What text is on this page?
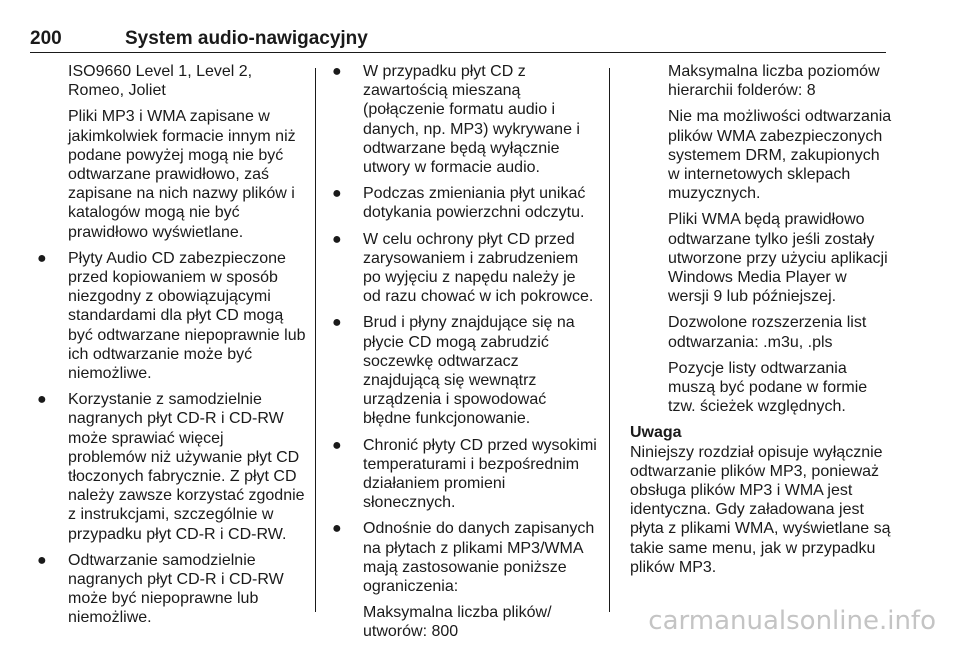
200	System audio-nawigacyjny

ISO9660 Level 1, Level 2, Romeo, Joliet

Pliki MP3 i WMA zapisane w jakimkolwiek formacie innym niż podane powyżej mogą nie być odtwarzane prawidłowo, zaś zapisane na nich nazwy plików i katalogów mogą nie być prawidłowo wyświetlane.

● Płyty Audio CD zabezpieczone przed kopiowaniem w sposób niezgodny z obowiązującymi standardami dla płyt CD mogą być odtwarzane niepoprawnie lub ich odtwarzanie może być niemożliwe.

● Korzystanie z samodzielnie nagranych płyt CD-R i CD-RW może sprawiać więcej problemów niż używanie płyt CD tłoczonych fabrycznie. Z płyt CD należy zawsze korzystać zgodnie z instrukcjami, szczególnie w przypadku płyt CD-R i CD-RW.

● Odtwarzanie samodzielnie nagranych płyt CD-R i CD-RW może być niepoprawne lub niemożliwe.

● W przypadku płyt CD z zawartością mieszaną (połączenie formatu audio i danych, np. MP3) wykrywane i odtwarzane będą wyłącznie utwory w formacie audio.

● Podczas zmieniania płyt unikać dotykania powierzchni odczytu.

● W celu ochrony płyt CD przed zarysowaniem i zabrudzeniem po wyjęciu z napędu należy je od razu chować w ich pokrowce.

● Brud i płyny znajdujące się na płycie CD mogą zabrudzić soczewkę odtwarzacz znajdującą się wewnątrz urządzenia i spowodować błędne funkcjonowanie.

● Chronić płyty CD przed wysokimi temperaturami i bezpośrednim działaniem promieni słonecznych.

● Odnośnie do danych zapisanych na płytach z plikami MP3/WMA mają zastosowanie poniższe ograniczenia:

Maksymalna liczba plików/ utworów: 800

Maksymalna liczba poziomów hierarchii folderów: 8

Nie ma możliwości odtwarzania plików WMA zabezpieczonych systemem DRM, zakupionych w internetowych sklepach muzycznych.

Pliki WMA będą prawidłowo odtwarzane tylko jeśli zostały utworzone przy użyciu aplikacji Windows Media Player w wersji 9 lub późniejszej.

Dozwolone rozszerzenia list odtwarzania: .m3u, .pls

Pozycje listy odtwarzania muszą być podane w formie tzw. ścieżek względnych.

Uwaga

Niniejszy rozdział opisuje wyłącznie odtwarzanie plików MP3, ponieważ obsługa plików MP3 i WMA jest identyczna. Gdy załadowana jest płyta z plikami WMA, wyświetlane są takie same menu, jak w przypadku plików MP3.

carmanualsonline.info
